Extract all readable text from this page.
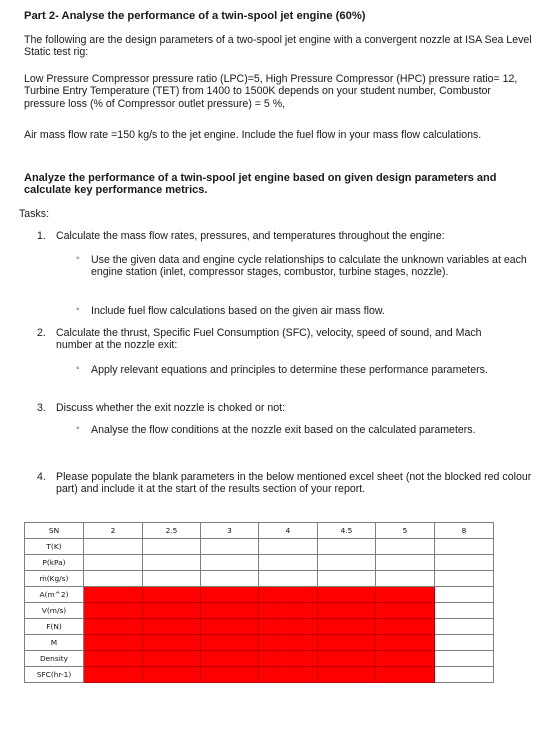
Part 2- Analyse the performance of a twin-spool jet engine (60%)

The following are the design parameters of a two-spool jet engine with a convergent nozzle at ISA Sea Level Static test rig:

Low Pressure Compressor pressure ratio (LPC)=5, High Pressure Compressor (HPC) pressure ratio= 12, Turbine Entry Temperature (TET) from 1400 to 1500K depends on your student number, Combustor pressure loss (% of Compressor outlet pressure) = 5 %,

Air mass flow rate =150 kg/s to the jet engine. Include the fuel flow in your mass flow calculations.

Analyze the performance of a twin-spool jet engine based on given design parameters and calculate key performance metrics.

Tasks:
1. Calculate the mass flow rates, pressures, and temperatures throughout the engine:
◦ Use the given data and engine cycle relationships to calculate the unknown variables at each engine station (inlet, compressor stages, combustor, turbine stages, nozzle).
◦ Include fuel flow calculations based on the given air mass flow.
2. Calculate the thrust, Specific Fuel Consumption (SFC), velocity, speed of sound, and Mach number at the nozzle exit:
◦ Apply relevant equations and principles to determine these performance parameters.
3. Discuss whether the exit nozzle is choked or not:
◦ Analyse the flow conditions at the nozzle exit based on the calculated parameters.
4. Please populate the blank parameters in the below mentioned excel sheet (not the blocked red colour part) and include it at the start of the results section of your report.
SN	2	2.5	3	4	4.5	5	8
T(K)							
P(kPa)							
ṁ(Kg/s)							
A(m^2)							
V(m/s)							
F(N)							
M							
Density							
SFC(hr-1)							
